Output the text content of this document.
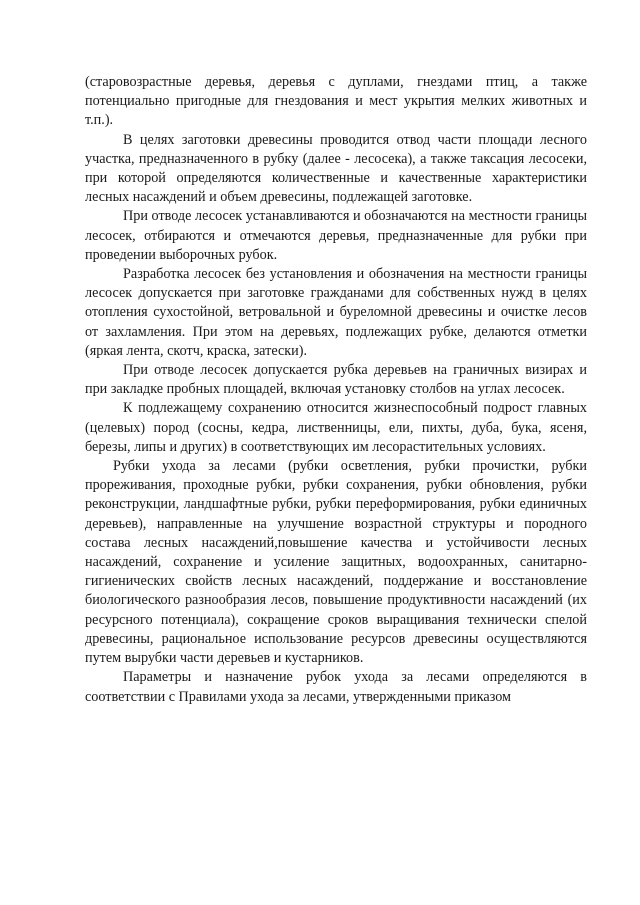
(старовозрастные деревья, деревья с дуплами, гнездами птиц, а также потенциально пригодные для гнездования и мест укрытия мелких животных и т.п.).

В целях заготовки древесины проводится отвод части площади лесного участка, предназначенного в рубку (далее - лесосека), а также таксация лесосеки, при которой определяются количественные и качественные характеристики лесных насаждений и объем древесины, подлежащей заготовке.

При отводе лесосек устанавливаются и обозначаются на местности границы лесосек, отбираются и отмечаются деревья, предназначенные для рубки при проведении выборочных рубок.

Разработка лесосек без установления и обозначения на местности границы лесосек допускается при заготовке гражданами для собственных нужд в целях отопления сухостойной, ветровальной и буреломной древесины и очистке лесов от захламления. При этом на деревьях, подлежащих рубке, делаются отметки (яркая лента, скотч, краска, затески).

При отводе лесосек допускается рубка деревьев на граничных визирах и при закладке пробных площадей, включая установку столбов на углах лесосек.

К подлежащему сохранению относится жизнеспособный подрост главных (целевых) пород (сосны, кедра, лиственницы, ели, пихты, дуба, бука, ясеня, березы, липы и других) в соответствующих им лесорастительных условиях.

Рубки ухода за лесами (рубки осветления, рубки прочистки, рубки прореживания, проходные рубки, рубки сохранения, рубки обновления, рубки реконструкции, ландшафтные рубки, рубки переформирования, рубки единичных деревьев), направленные на улучшение возрастной структуры и породного состава лесных насаждений,повышение качества и устойчивости лесных насаждений, сохранение и усиление защитных, водоохранных, санитарно-гигиенических свойств лесных насаждений, поддержание и восстановление биологического разнообразия лесов, повышение продуктивности насаждений (их ресурсного потенциала), сокращение сроков выращивания технически спелой древесины, рациональное использование ресурсов древесины осуществляются путем вырубки части деревьев и кустарников.

Параметры и назначение рубок ухода за лесами определяются в соответствии с Правилами ухода за лесами, утвержденными приказом
